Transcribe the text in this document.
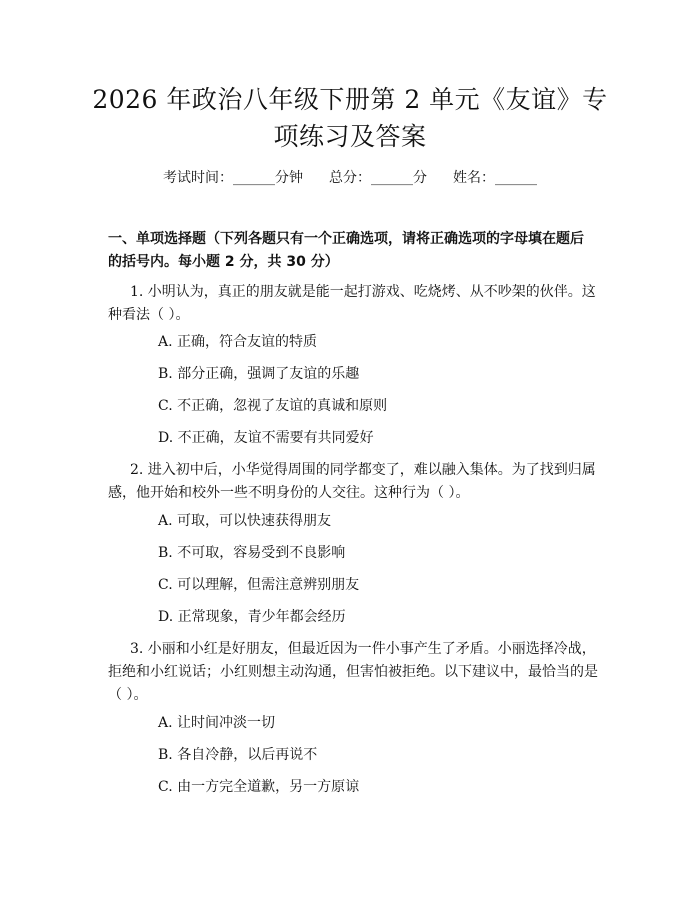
2026 年政治八年级下册第 2 单元《友谊》专
项练习及答案
考试时间：______分钟 总分：______分 姓名：______
一、单项选择题（下列各题只有一个正确选项，请将正确选项的字母填在题后的括号内。每小题 2 分，共 30 分）
1. 小明认为，真正的朋友就是能一起打游戏、吃烧烤、从不吵架的伙伴。这种看法（ ）。
A. 正确，符合友谊的特质
B. 部分正确，强调了友谊的乐趣
C. 不正确，忽视了友谊的真诚和原则
D. 不正确，友谊不需要有共同爱好
2. 进入初中后，小华觉得周围的同学都变了，难以融入集体。为了找到归属感，他开始和校外一些不明身份的人交往。这种行为（ ）。
A. 可取，可以快速获得朋友
B. 不可取，容易受到不良影响
C. 可以理解，但需注意辨别朋友
D. 正常现象，青少年都会经历
3. 小丽和小红是好朋友，但最近因为一件小事产生了矛盾。小丽选择冷战，拒绝和小红说话；小红则想主动沟通，但害怕被拒绝。以下建议中，最恰当的是（ ）。
A. 让时间冲淡一切
B. 各自冷静，以后再说不
C. 由一方完全道歉，另一方原谅
